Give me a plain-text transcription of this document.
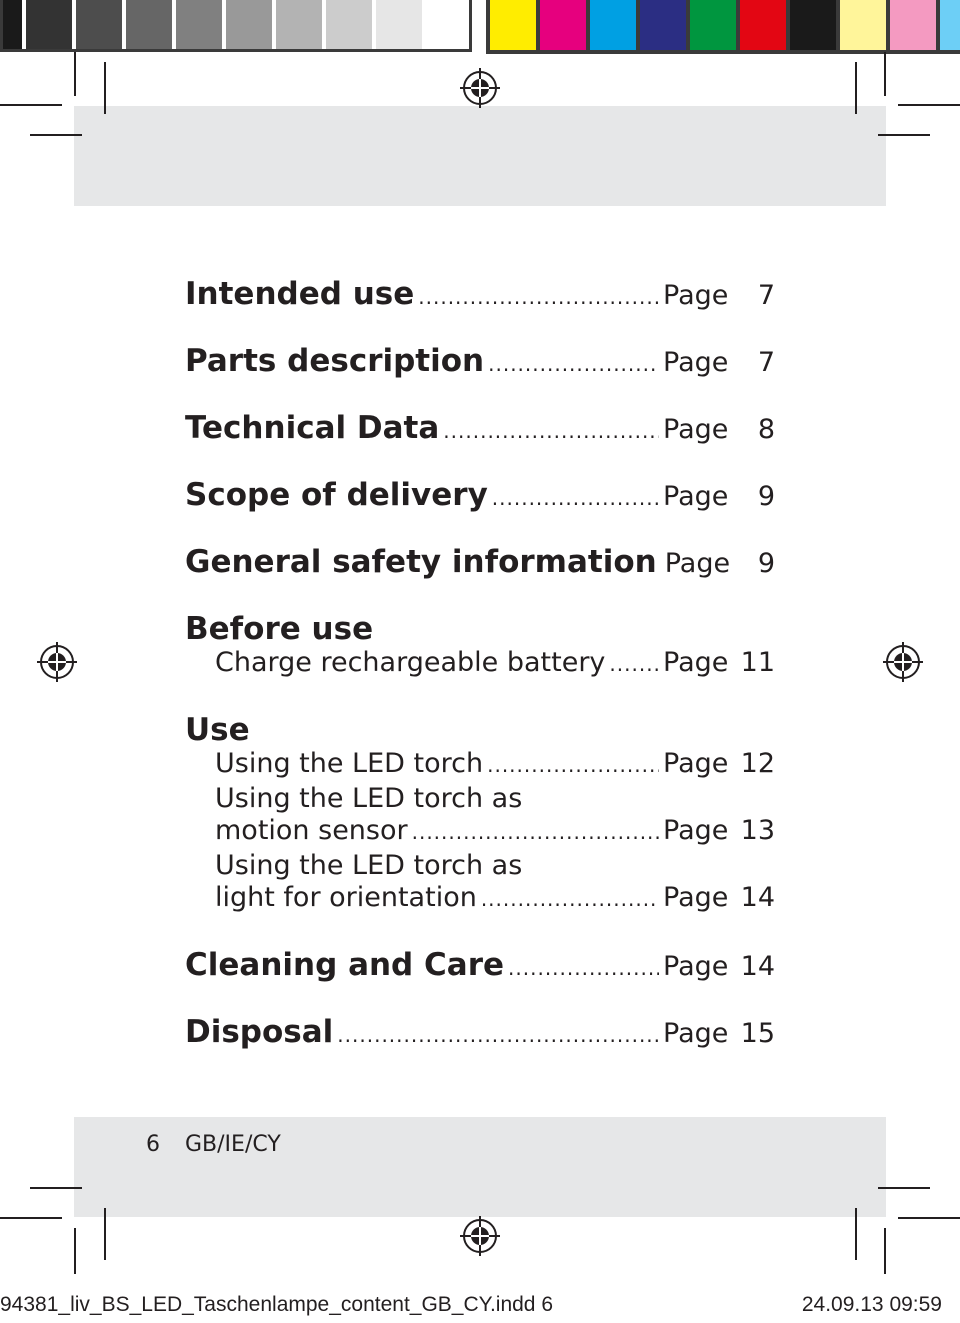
Intended use .....	Page	7
Parts description .....	Page	7
Technical Data .....	Page	8
Scope of delivery .....	Page	9
General safety information Page	9
Before use
Charge rechargeable battery ..... Page 11
Use
Using the LED torch .....	Page 12
Using the LED torch as
motion sensor .....	Page 13
Using the LED torch as
light for orientation .....	Page 14
Cleaning and Care .....	Page 14
Disposal .....	Page 15
6 GB/IE/CY
94381_liv_BS_LED_Taschenlampe_content_GB_CY.indd 6	24.09.13 09:59
